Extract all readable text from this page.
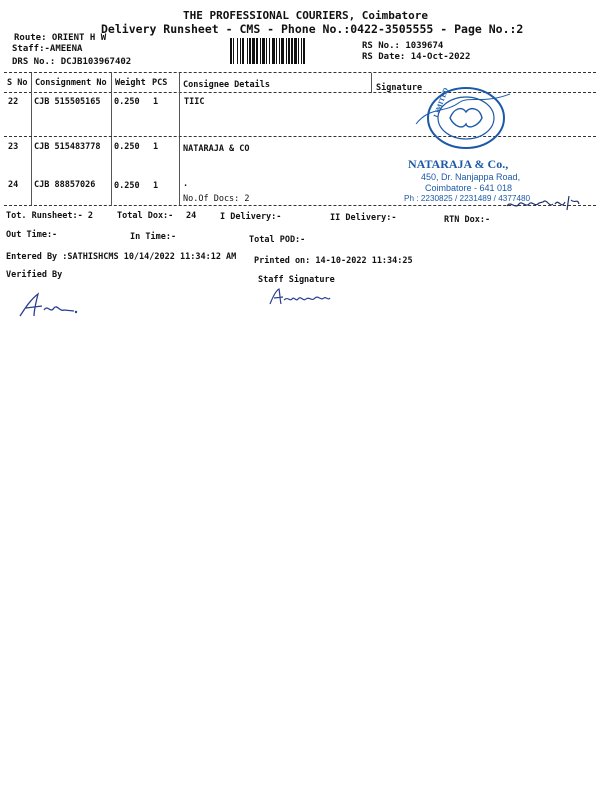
THE PROFESSIONAL COURIERS, Coimbatore
Delivery Runsheet - CMS - Phone No.:0422-3505555 - Page No.:2
Route: ORIENT H W
Staff:-AMEENA
DRS No.: DCJB103967402
RS No.: 1039674
RS Date: 14-Oct-2022
S No Consignment No Weight PCS Consignee Details	Signature
22 CJB 515505165 0.250 1	TIIC
23 CJB 515483778 0.250 1	NATARAJA & CO
24 CJB 88857026 0.250 1	.
No.Of Docs: 2
Tot. Runsheet:- 2	Total Dox:- 24	I Delivery:-	II Delivery:-	RTN Dox:-
Out Time:-	In Time:-	Total POD:-
Entered By :SATHISHCMS 10/14/2022 11:34:12 AM Printed on: 14-10-2022 11:34:25
Verified By	Staff Signature
LIMITED
NATARAJA & Co.,
450, Dr. Nanjappa Road,
Coimbatore - 641 018
Ph : 2230825 / 2231489 / 4377480
